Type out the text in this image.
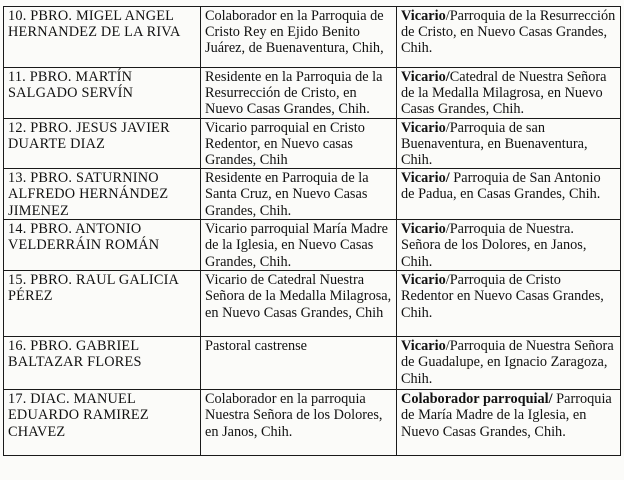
10. PBRO. MIGEL ANGEL HERNANDEZ DE LA RIVA	Colaborador en la Parroquia de Cristo Rey en Ejido Benito Juárez, de Buenaventura, Chih,	Vicario/Parroquia de la Resurrección de Cristo, en Nuevo Casas Grandes, Chih.
11. PBRO. MARTÍN SALGADO SERVÍN	Residente en la Parroquia de la Resurrección de Cristo, en Nuevo Casas Grandes, Chih.	Vicario/Catedral de Nuestra Señora de la Medalla Milagrosa, en Nuevo Casas Grandes, Chih.
12. PBRO. JESUS JAVIER DUARTE DIAZ	Vicario parroquial en Cristo Redentor, en Nuevo casas Grandes, Chih	Vicario/Parroquia de san Buenaventura, en Buenaventura, Chih.
13. PBRO. SATURNINO ALFREDO HERNÁNDEZ JIMENEZ	Residente en Parroquia de la Santa Cruz, en Nuevo Casas Grandes, Chih.	Vicario/ Parroquia de San Antonio de Padua, en Casas Grandes, Chih.
14. PBRO. ANTONIO VELDERRÁIN ROMÁN	Vicario parroquial María Madre de la Iglesia, en Nuevo Casas Grandes, Chih.	Vicario/Parroquia de Nuestra. Señora de los Dolores, en Janos, Chih.
15. PBRO. RAUL GALICIA PÉREZ	Vicario de Catedral Nuestra Señora de la Medalla Milagrosa, en Nuevo Casas Grandes, Chih	Vicario/Parroquia de Cristo Redentor en Nuevo Casas Grandes, Chih.
16. PBRO. GABRIEL BALTAZAR FLORES	Pastoral castrense	Vicario/Parroquia de Nuestra Señora de Guadalupe, en Ignacio Zaragoza, Chih.
17. DIAC. MANUEL EDUARDO RAMIREZ CHAVEZ	Colaborador en la parroquia Nuestra Señora de los Dolores, en Janos, Chih.	Colaborador parroquial/ Parroquia de María Madre de la Iglesia, en Nuevo Casas Grandes, Chih.
